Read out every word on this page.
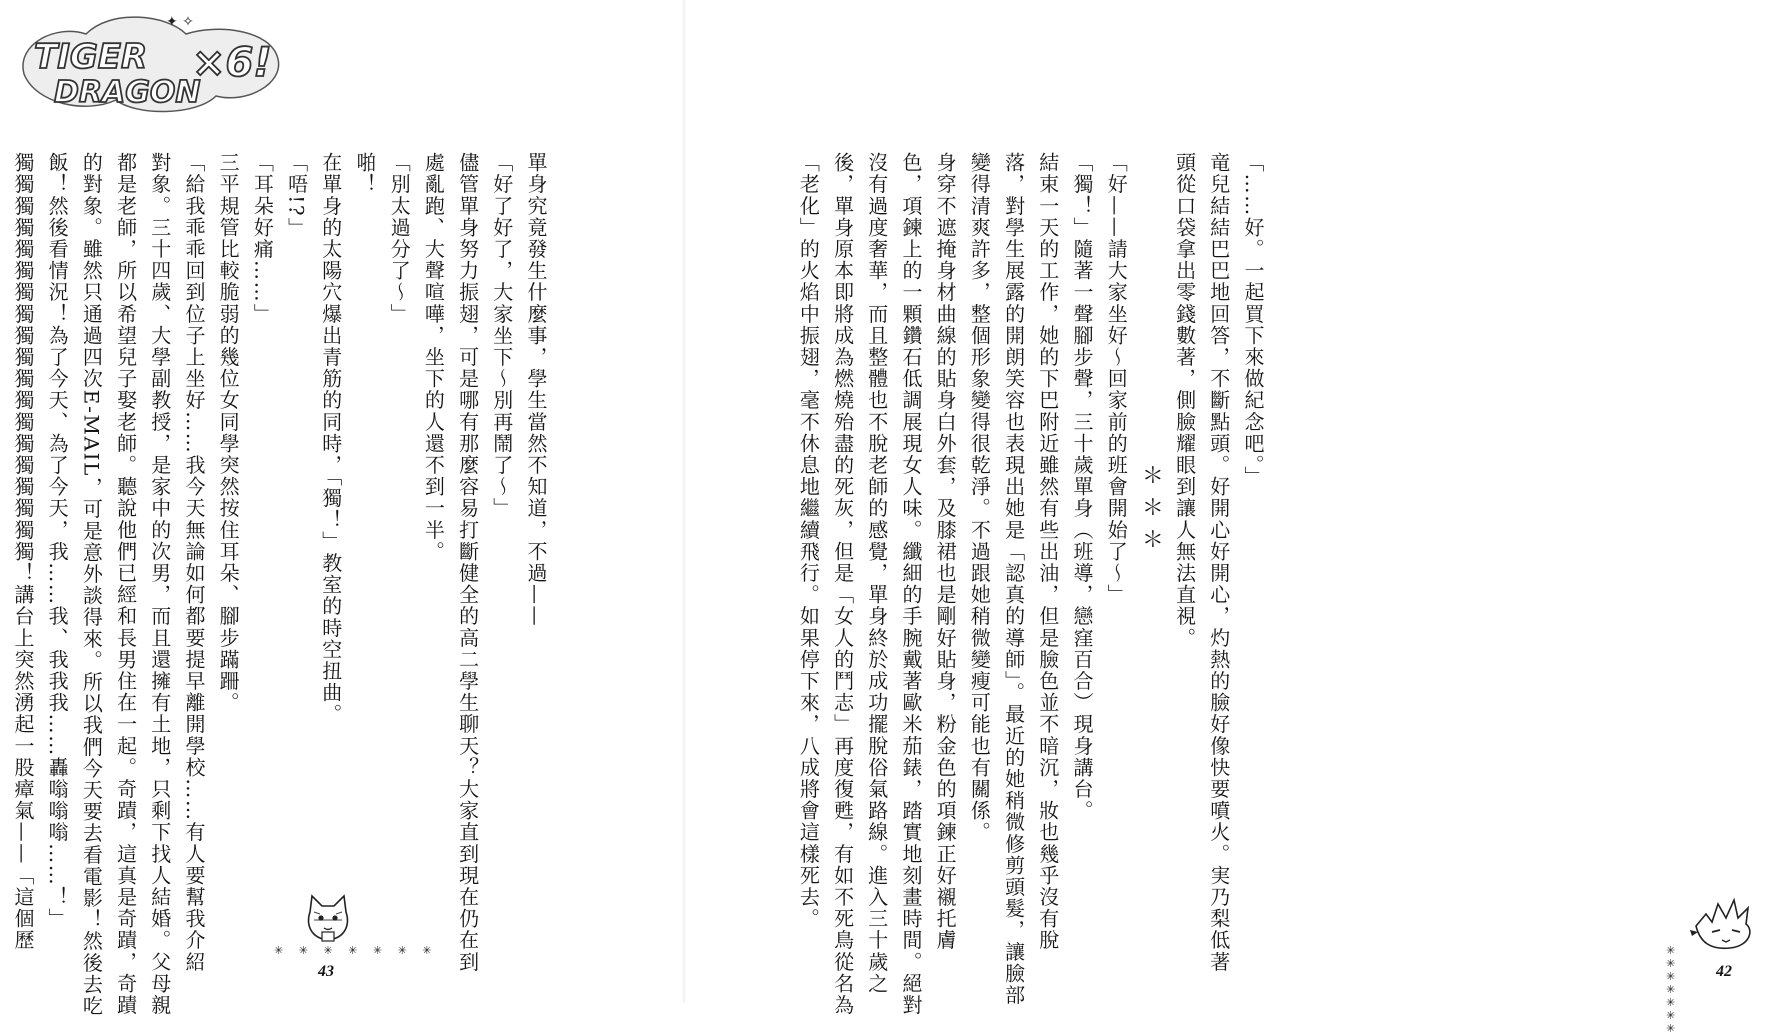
TIGER
DRAGON
×6!
✦ ✧
單身究竟發生什麼事，學生當然不知道，不過——
「好了好了，大家坐下～別再鬧了～」
儘管單身努力振翅，可是哪有那麼容易打斷健全的高二學生聊天？大家直到現在仍在到
處亂跑、大聲喧嘩，坐下的人還不到一半。
「別太過分了～」
啪！
在單身的太陽穴爆出青筋的同時，「獨！」教室的時空扭曲。
「唔!?」
「耳朵好痛……」
三平規管比較脆弱的幾位女同學突然按住耳朵、腳步蹣跚。
「給我乖乖回到位子上坐好……我今天無論如何都要提早離開學校……有人要幫我介紹
對象。三十四歲、大學副教授，是家中的次男，而且還擁有土地，只剩下找人結婚。父母親
都是老師，所以希望兒子娶老師。聽說他們已經和長男住在一起。奇蹟，這真是奇蹟，奇蹟
的對象。雖然只通過四次E-MAIL，可是意外談得來。所以我們今天要去看電影！然後去吃
飯！然後看情況！為了今天、為了今天，我……我、我我我……轟嗡嗡嗡……！」
獨獨獨獨獨獨獨獨獨獨獨獨獨獨獨獨獨獨獨！講台上突然湧起一股瘴氣——「這個歷	✳ ✳ ✳ ✳ ✳ ✳ ✳
43
✳ ✳ ✳ ✳ ✳ ✳ ✳
42
「……好。一起買下來做紀念吧。」
竜兒結結巴巴地回答，不斷點頭。好開心好開心，灼熱的臉好像快要噴火。実乃梨低著
頭從口袋拿出零錢數著，側臉耀眼到讓人無法直視。
＊＊＊
「好——請大家坐好～回家前的班會開始了～」
「獨！」隨著一聲腳步聲，三十歲單身（班導，戀窪百合）現身講台。
結束一天的工作，她的下巴附近雖然有些出油，但是臉色並不暗沉，妝也幾乎沒有脫
落，對學生展露的開朗笑容也表現出她是「認真的導師」。最近的她稍微修剪頭髮，讓臉部
變得清爽許多，整個形象變得很乾淨。不過跟她稍微變瘦可能也有關係。
身穿不遮掩身材曲線的貼身白外套，及膝裙也是剛好貼身，粉金色的項鍊正好襯托膚
色，項鍊上的一顆鑽石低調展現女人味。纖細的手腕戴著歐米茄錶，踏實地刻畫時間。絕對
沒有過度奢華，而且整體也不脫老師的感覺，單身終於成功擺脫俗氣路線。進入三十歲之
後，單身原本即將成為燃燒殆盡的死灰，但是「女人的鬥志」再度復甦，有如不死鳥從名為
「老化」的火焰中振翅，毫不休息地繼續飛行。如果停下來，八成將會這樣死去。
